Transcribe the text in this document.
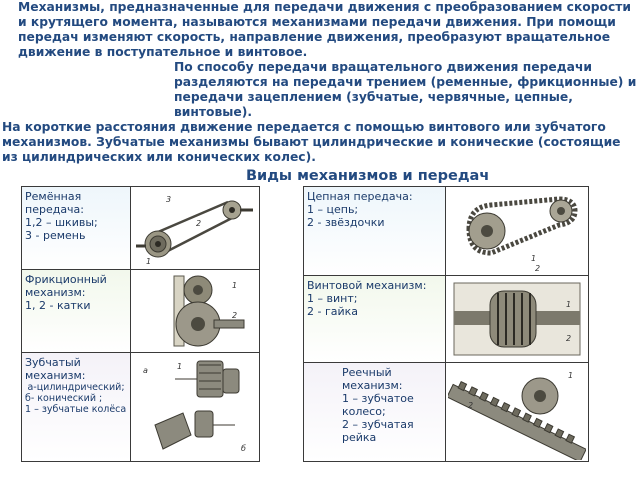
Механизмы, предназначенные для передачи движения с преобразованием скорости и крутящего момента, называются механизмами передачи движения. При помощи передач изменяют скорость, направление движения, преобразуют вращательное движение в поступательное и винтовое.

По способу передачи вращательного движения передачи разделяются на передачи трением (ременные, фрикционные) и передачи зацеплением (зубчатые, червячные, цепные, винтовые).

На короткие расстояния движение передается с помощью винтового или зубчатого механизмов. Зубчатые механизмы бывают цилиндрические и конические (состоящие из цилиндрических или конических колес).

Виды механизмов и передач
Ремённая передача:
1,2 – шкивы;
3 - ремень
3
2
1
Фрикционный механизм:
1, 2 - катки
1
2
Зубчатый механизм:
а-цилиндрический;
б- конический ;
1 – зубчатые колёса
а
б
1
Цепная передача:
1 – цепь;
2 - звёздочки
1
2
Винтовой механизм:
1 – винт;
2 - гайка
1
2
Реечный механизм:
1 – зубчатое колесо;
2 – зубчатая рейка
2
1
